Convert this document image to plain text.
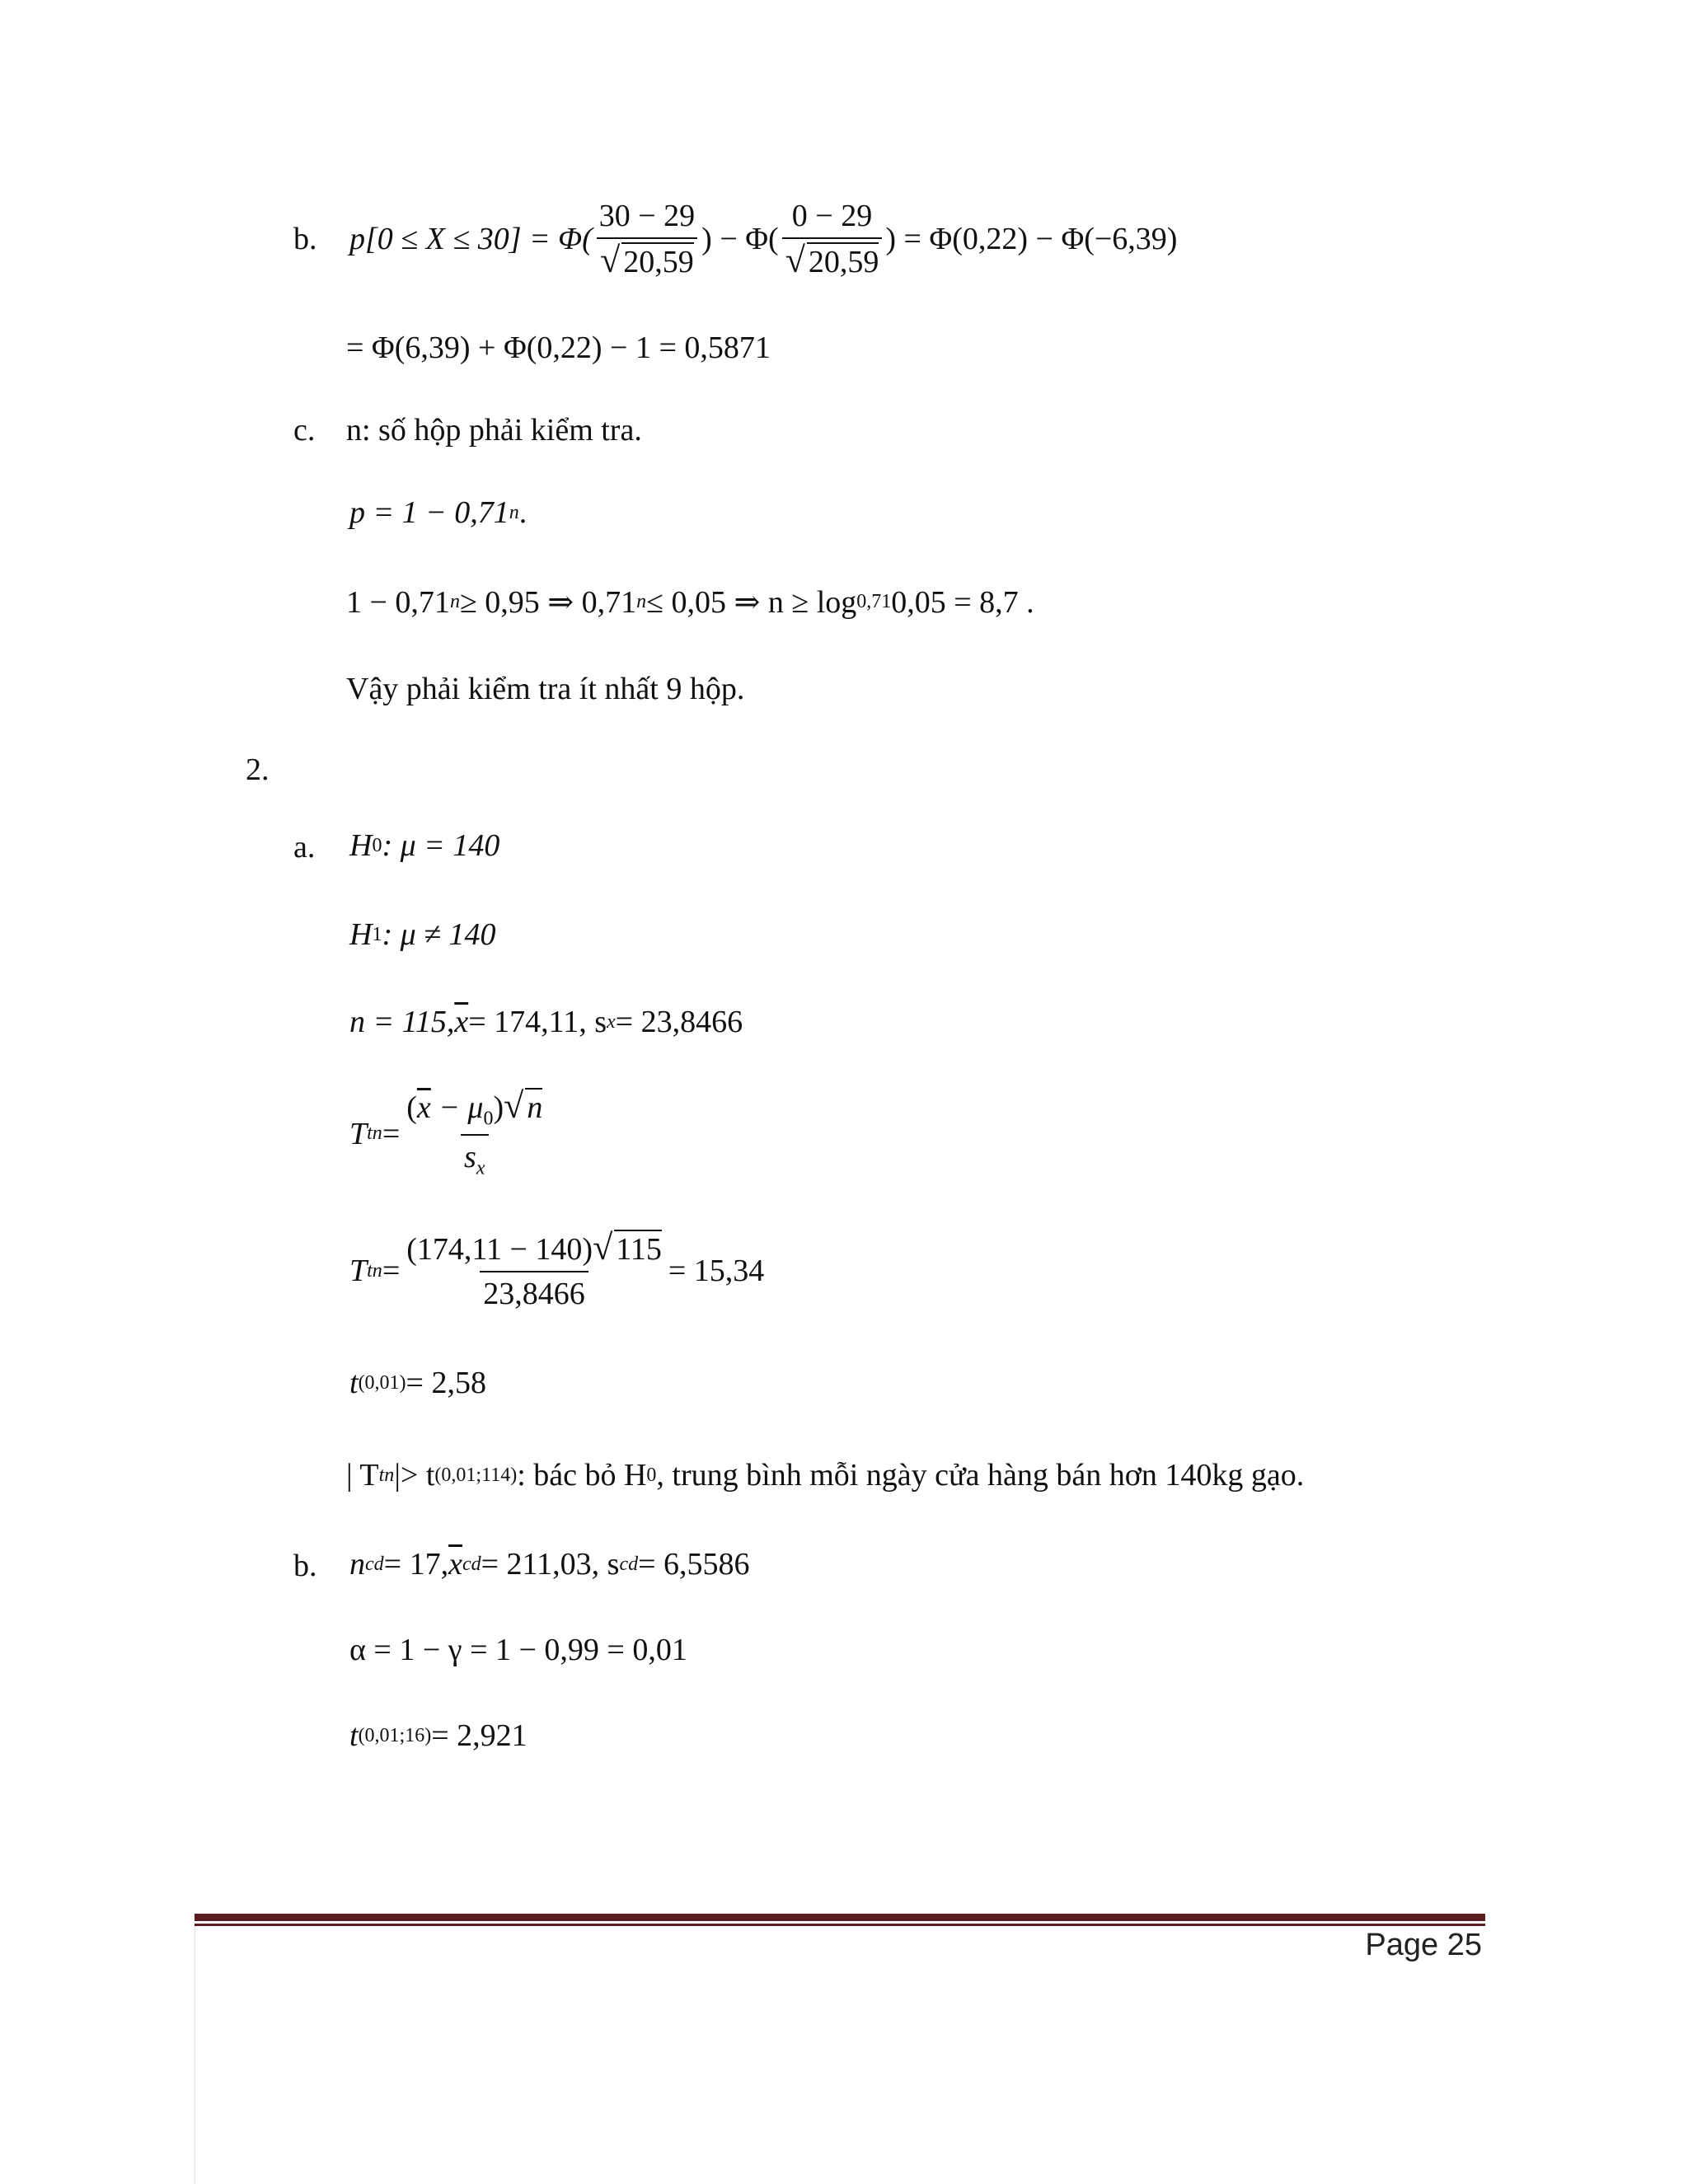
b. $p[0 \le X \le 30] = \Phi( \frac{30 - 29}{√ 20,59}$ ) − $\Phi( \frac{0 - 29}{√ 20,59}$ ) = Φ(0,22) − Φ(−6,39)
= Φ(6,39) + Φ(0,22) − 1 = 0,5871
c. n: số hộp phải kiểm tra.
p = 1 − 0,71 n .
1 − 0,71 n ≥ 0,95 ⇒ 0,71 n ≤ 0,05 ⇒ n ≥ log 0,71 0,05 = 8,7 .
Vậy phải kiểm tra ít nhất 9 hộp.
2.
a. H 0 : μ = 140
H 1 : μ ≠ 140
n = 115, $\overline{x} = 174,11$, s x = 23,8466
T tn = $\frac{(\overline{x} - \mu_0)√ n}{s_x}$
T tn = $\frac{(174,11 - 140)√ 115}{23,8466} = 15,34$
t (0,01) = 2,58
| T tn |> t (0,01;114) : bác bỏ H 0 , trung bình mỗi ngày cửa hàng bán hơn 140kg gạo.
b. n cd = 17, $\overline{x}$ cd = 211,03, s cd = 6,5586
α = 1 − γ = 1 − 0,99 = 0,01
t (0,01;16) = 2,921
Page 25
